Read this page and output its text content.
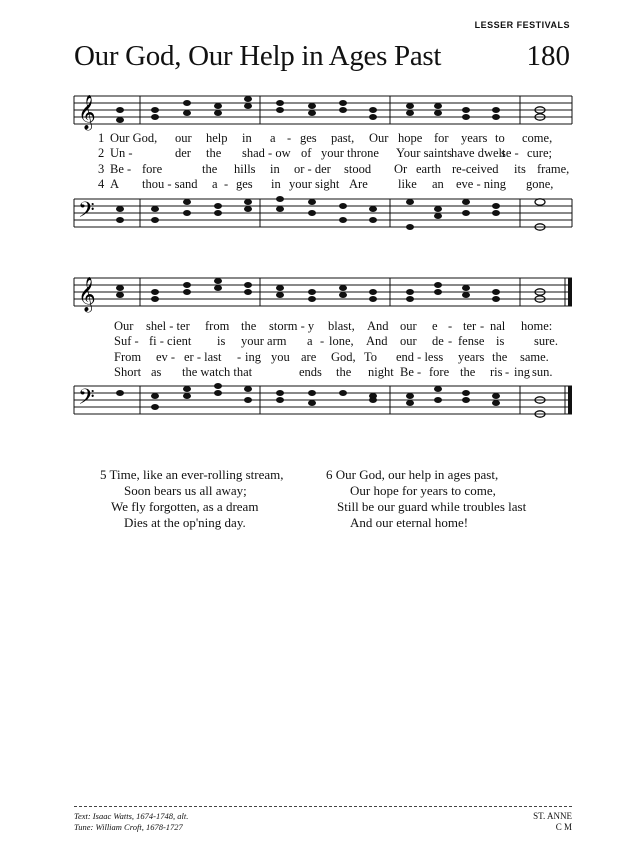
LESSER FESTIVALS
Our God, Our Help in Ages Past	180
𝄞
1 Our God, our help in a - ges past, Our hope for years to come,
2 Un -	der the shad - ow of your throne Your saints
have dwelt
se - cure;
3 Be - fore	the hills in or - der stood Or earth re-ceived its frame,
4 A thou - sand a - ges in your sight Are like an eve - ning gone,
𝄢
𝄞
Our shel - ter from the storm - y blast, And our e - ter - nal home:
Suf - fi - cient is your arm a - lone, And our de - fense is sure.
From ev - er - last - ing you are God, To end - less years the same.
Short as the watch that	ends the night Be - fore the ris - ing sun.
𝄢
5 Time, like an ever-rolling stream,
Soon bears us all away;
We fly forgotten, as a dream
Dies at the op'ning day.
6 Our God, our help in ages past,
Our hope for years to come,
Still be our guard while troubles last
And our eternal home!
Text: Isaac Watts, 1674-1748, alt.
Tune: William Croft, 1678-1727
ST. ANNE
C M
